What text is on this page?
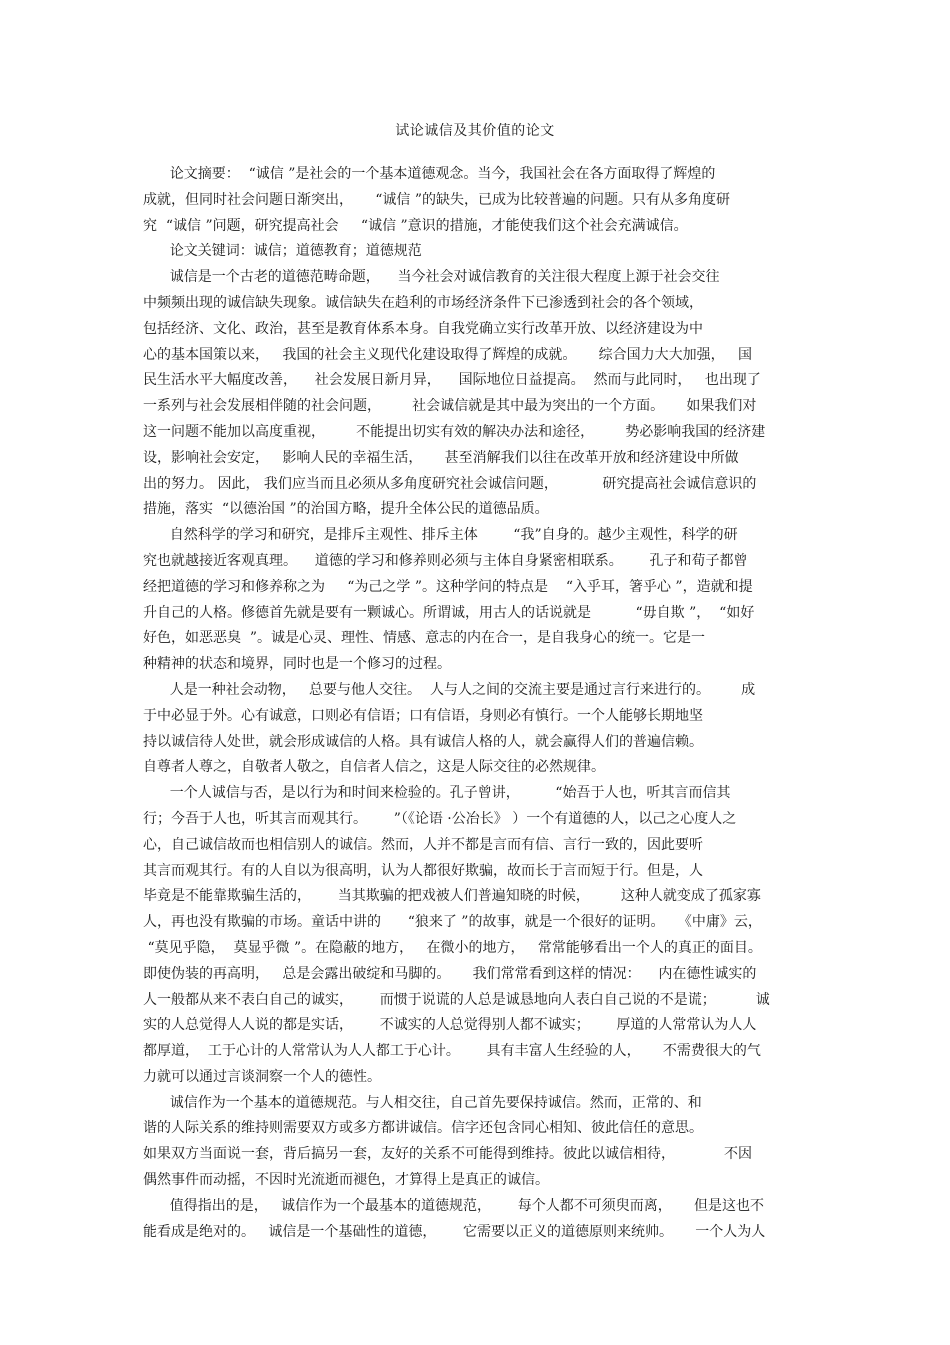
试论诚信及其价值的论文
论文摘要：  “诚信 ”是社会的一个基本道德观念。当今，我国社会在各方面取得了辉煌的
成就，但同时社会问题日渐突出，     “诚信 ”的缺失，已成为比较普遍的问题。只有从多角度研
究  “诚信 ”问题，研究提高社会     “诚信 ”意识的措施，才能使我们这个社会充满诚信。
论文关键词：诚信；道德教育；道德规范
诚信是一个古老的道德范畴命题，    当今社会对诚信教育的关注很大程度上源于社会交往
中频频出现的诚信缺失现象。诚信缺失在趋利的市场经济条件下已渗透到社会的各个领域，
包括经济、文化、政治，甚至是教育体系本身。自我党确立实行改革开放、以经济建设为中
心的基本国策以来，   我国的社会主义现代化建设取得了辉煌的成就。     综合国力大大加强，   国
民生活水平大幅度改善，    社会发展日新月异，    国际地位日益提高。  然而与此同时，   也出现了
一系列与社会发展相伴随的社会问题，       社会诚信就是其中最为突出的一个方面。     如果我们对
这一问题不能加以高度重视，       不能提出切实有效的解决办法和途径，       势必影响我国的经济建
设，影响社会安定，   影响人民的幸福生活，     甚至消解我们以往在改革开放和经济建设中所做
出的努力。 因此， 我们应当而且必须从多角度研究社会诚信问题，          研究提高社会诚信意识的
措施，落实  “以德治国 ”的治国方略，提升全体公民的道德品质。
自然科学的学习和研究，是排斥主观性、排斥主体        “我”自身的。越少主观性，科学的研
究也就越接近客观真理。    道德的学习和修养则必须与主体自身紧密相联系。      孔子和荀子都曾
经把道德的学习和修养称之为     “为己之学 ”。这种学问的特点是    “入乎耳，箸乎心 ”，造就和提
升自己的人格。修德首先就是要有一颗诚心。所谓诚，用古人的话说就是          “毋自欺 ”，  “如好
好色，如恶恶臭  ”。诚是心灵、理性、情感、意志的内在合一，是自我身心的统一。它是一
种精神的状态和境界，同时也是一个修习的过程。
人是一种社会动物，   总要与他人交往。  人与人之间的交流主要是通过言行来进行的。       成
于中必显于外。心有诚意，口则必有信语；口有信语，身则必有慎行。一个人能够长期地坚
持以诚信待人处世，就会形成诚信的人格。具有诚信人格的人，就会赢得人们的普遍信赖。
自尊者人尊之，自敬者人敬之，自信者人信之，这是人际交往的必然规律。
一个人诚信与否，是以行为和时间来检验的。孔子曾讲，        “始吾于人也，听其言而信其
行；今吾于人也，听其言而观其行。      ”（《论语 ·公冶长》 ）一个有道德的人，以己之心度人之
心，自己诚信故而也相信别人的诚信。然而，人并不都是言而有信、言行一致的，因此要听
其言而观其行。有的人自以为很高明，认为人都很好欺骗，故而长于言而短于行。但是，人
毕竟是不能靠欺骗生活的，      当其欺骗的把戏被人们普遍知晓的时候，       这种人就变成了孤家寡
人，再也没有欺骗的市场。童话中讲的      “狼来了 ”的故事，就是一个很好的证明。   《中庸》云，
“莫见乎隐，  莫显乎微 ”。在隐蔽的地方，   在微小的地方，   常常能够看出一个人的真正的面目。
即使伪装的再高明，   总是会露出破绽和马脚的。     我们常常看到这样的情况：    内在德性诚实的
人一般都从来不表白自己的诚实，      而惯于说谎的人总是诚恳地向人表白自己说的不是谎；         诚
实的人总觉得人人说的都是实话，      不诚实的人总觉得别人都不诚实；      厚道的人常常认为人人
都厚道，  工于心计的人常常认为人人都工于心计。      具有丰富人生经验的人，     不需费很大的气
力就可以通过言谈洞察一个人的德性。
诚信作为一个基本的道德规范。与人相交往，自己首先要保持诚信。然而，正常的、和
谐的人际关系的维持则需要双方或多方都讲诚信。信字还包含同心相知、彼此信任的意思。
如果双方当面说一套，背后搞另一套，友好的关系不可能得到维持。彼此以诚信相待，           不因
偶然事件而动摇，不因时光流逝而褪色，才算得上是真正的诚信。
值得指出的是，   诚信作为一个最基本的道德规范，      每个人都不可须臾而离，     但是这也不
能看成是绝对的。   诚信是一个基础性的道德，      它需要以正义的道德原则来统帅。     一个人为人
